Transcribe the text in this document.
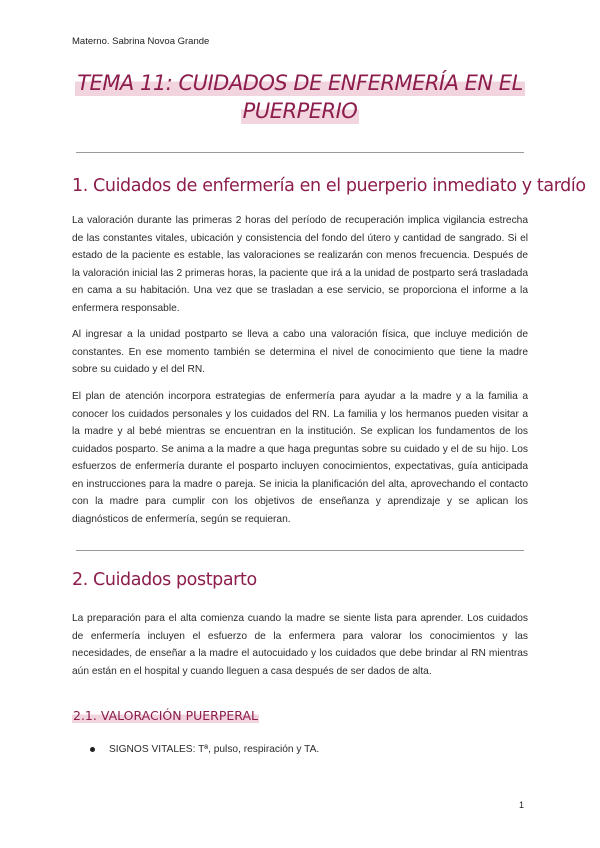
Materno. Sabrina Novoa Grande
TEMA 11: CUIDADOS DE ENFERMERÍA EN EL
PUERPERIO
1. Cuidados de enfermería en el puerperio inmediato y tardío
La valoración durante las primeras 2 horas del período de recuperación implica vigilancia estrecha de las constantes vitales, ubicación y consistencia del fondo del útero y cantidad de sangrado. Si el estado de la paciente es estable, las valoraciones se realizarán con menos frecuencia. Después de la valoración inicial las 2 primeras horas, la paciente que irá a la unidad de postparto será trasladada en cama a su habitación. Una vez que se trasladan a ese servicio, se proporciona el informe a la enfermera responsable.
Al ingresar a la unidad postparto se lleva a cabo una valoración física, que incluye medición de constantes. En ese momento también se determina el nivel de conocimiento que tiene la madre sobre su cuidado y el del RN.
El plan de atención incorpora estrategias de enfermería para ayudar a la madre y a la familia a conocer los cuidados personales y los cuidados del RN. La familia y los hermanos pueden visitar a la madre y al bebé mientras se encuentran en la institución. Se explican los fundamentos de los cuidados posparto. Se anima a la madre a que haga preguntas sobre su cuidado y el de su hijo. Los esfuerzos de enfermería durante el posparto incluyen conocimientos, expectativas, guía anticipada en instrucciones para la madre o pareja. Se inicia la planificación del alta, aprovechando el contacto con la madre para cumplir con los objetivos de enseñanza y aprendizaje y se aplican los diagnósticos de enfermería, según se requieran.
2. Cuidados postparto
La preparación para el alta comienza cuando la madre se siente lista para aprender. Los cuidados de enfermería incluyen el esfuerzo de la enfermera para valorar los conocimientos y las necesidades, de enseñar a la madre el autocuidado y los cuidados que debe brindar al RN mientras aún están en el hospital y cuando lleguen a casa después de ser dados de alta.
2.1. VALORACIÓN PUERPERAL
SIGNOS VITALES: Tª, pulso, respiración y TA.
1
